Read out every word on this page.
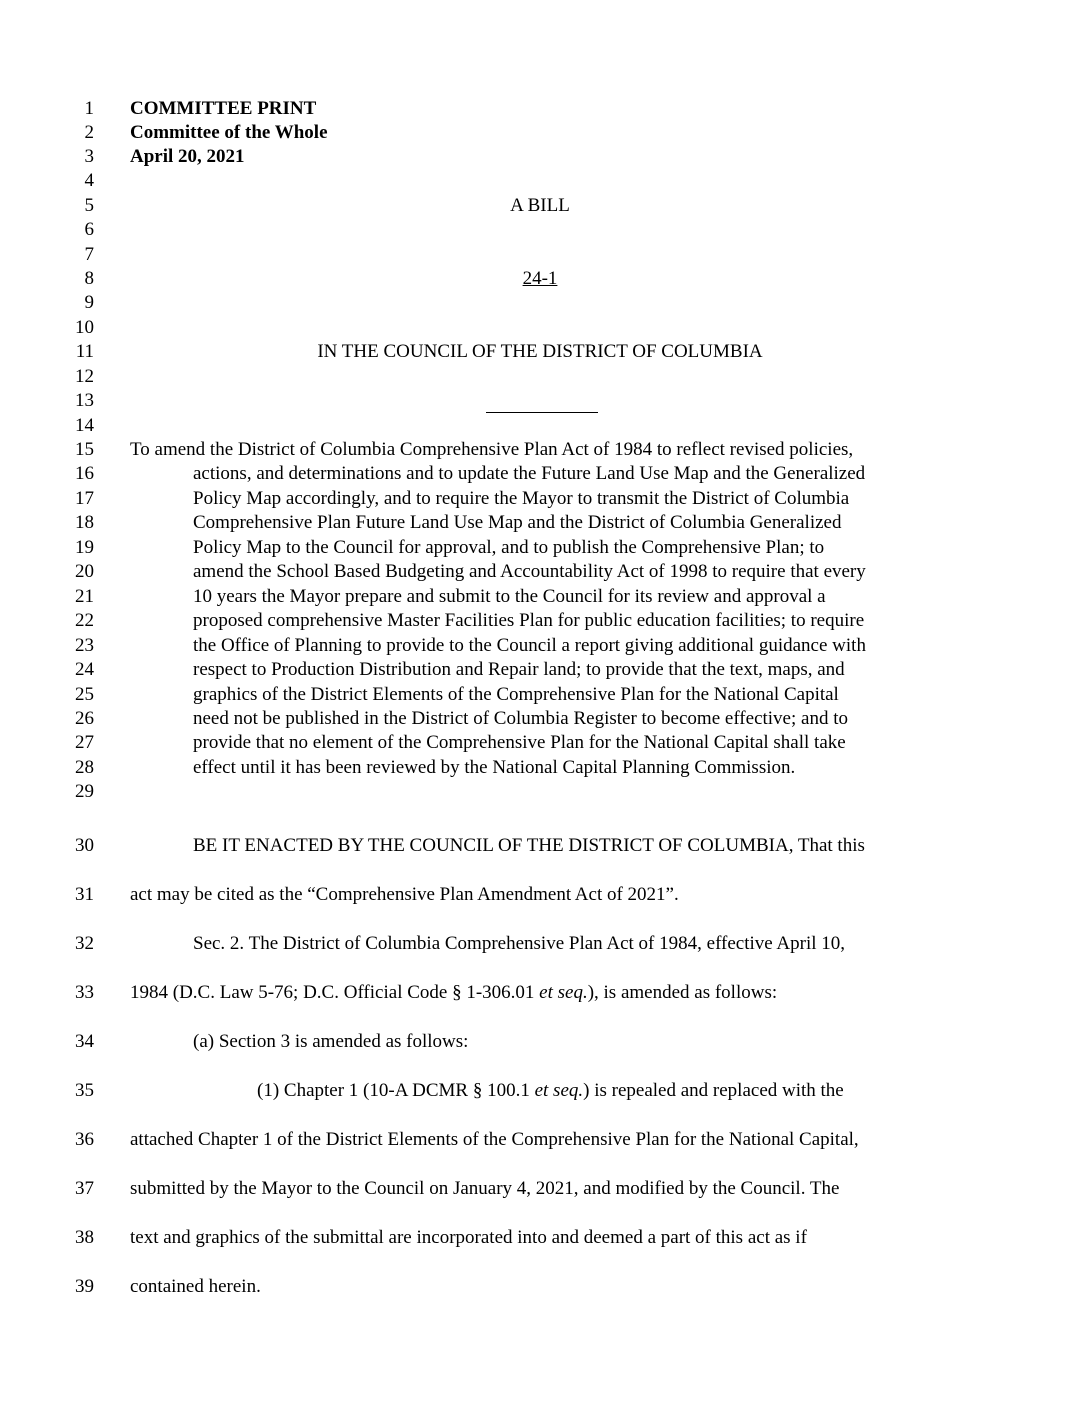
1
2
3
4
5
6
7
8
9
10
11
12
13
14
15
16
17
18
19
20
21
22
23
24
25
26
27
28
29
30
31
32
33
34
35
36
37
38
39
COMMITTEE PRINT
Committee of the Whole
April 20, 2021
A BILL
24-1
IN THE COUNCIL OF THE DISTRICT OF COLUMBIA
To amend the District of Columbia Comprehensive Plan Act of 1984 to reflect revised policies,
actions, and determinations and to update the Future Land Use Map and the Generalized
Policy Map accordingly, and to require the Mayor to transmit the District of Columbia
Comprehensive Plan Future Land Use Map and the District of Columbia Generalized
Policy Map to the Council for approval, and to publish the Comprehensive Plan; to
amend the School Based Budgeting and Accountability Act of 1998 to require that every
10 years the Mayor prepare and submit to the Council for its review and approval a
proposed comprehensive Master Facilities Plan for public education facilities; to require
the Office of Planning to provide to the Council a report giving additional guidance with
respect to Production Distribution and Repair land; to provide that the text, maps, and
graphics of the District Elements of the Comprehensive Plan for the National Capital
need not be published in the District of Columbia Register to become effective; and to
provide that no element of the Comprehensive Plan for the National Capital shall take
effect until it has been reviewed by the National Capital Planning Commission.
BE IT ENACTED BY THE COUNCIL OF THE DISTRICT OF COLUMBIA, That this
act may be cited as the “Comprehensive Plan Amendment Act of 2021”.
Sec. 2. The District of Columbia Comprehensive Plan Act of 1984, effective April 10,
1984 (D.C. Law 5-76; D.C. Official Code § 1-306.01 et seq.), is amended as follows:
(a) Section 3 is amended as follows:
(1) Chapter 1 (10-A DCMR § 100.1 et seq.) is repealed and replaced with the
attached Chapter 1 of the District Elements of the Comprehensive Plan for the National Capital,
submitted by the Mayor to the Council on January 4, 2021, and modified by the Council. The
text and graphics of the submittal are incorporated into and deemed a part of this act as if
contained herein.
